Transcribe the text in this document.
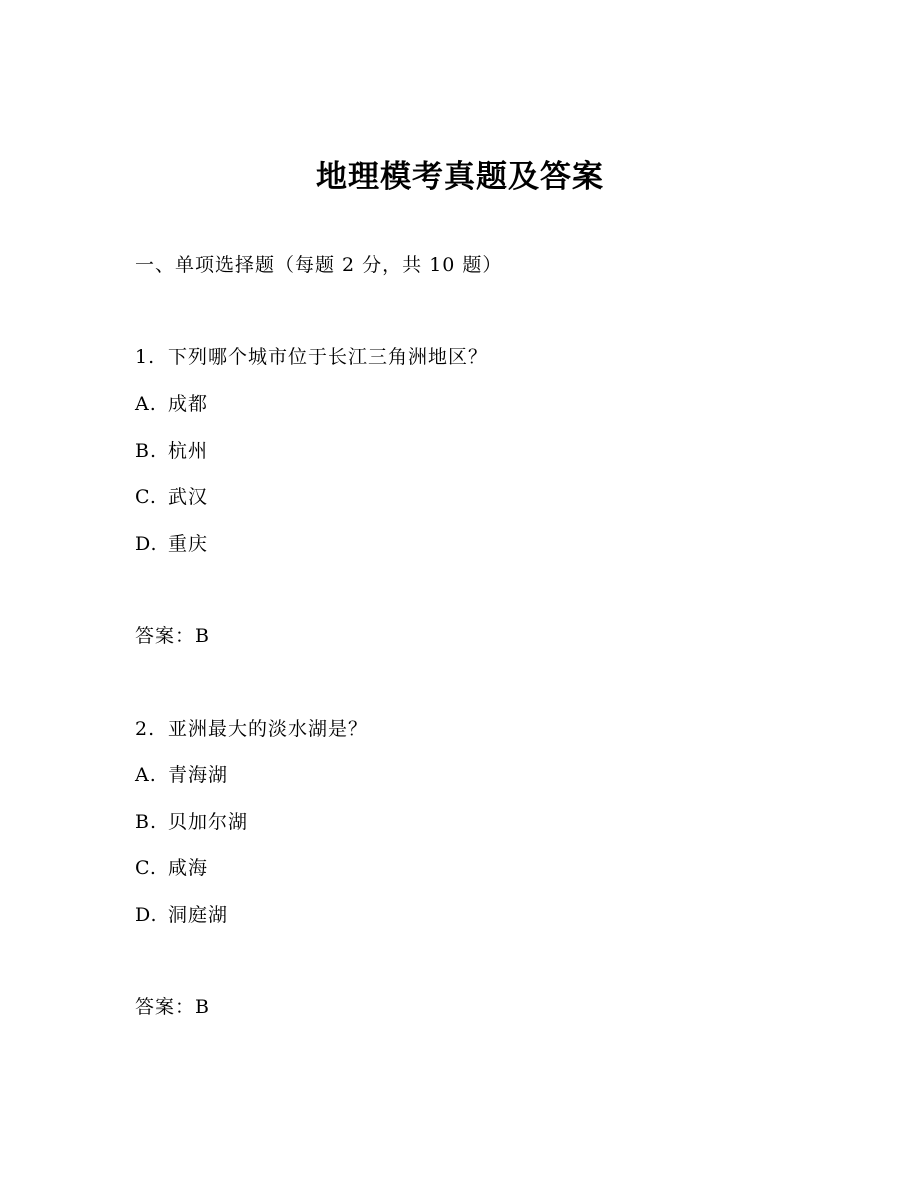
地理模考真题及答案
一、单项选择题（每题 2 分，共 10 题）
1. 下列哪个城市位于长江三角洲地区？
A. 成都
B. 杭州
C. 武汉
D. 重庆
答案：B
2. 亚洲最大的淡水湖是？
A. 青海湖
B. 贝加尔湖
C. 咸海
D. 洞庭湖
答案：B
